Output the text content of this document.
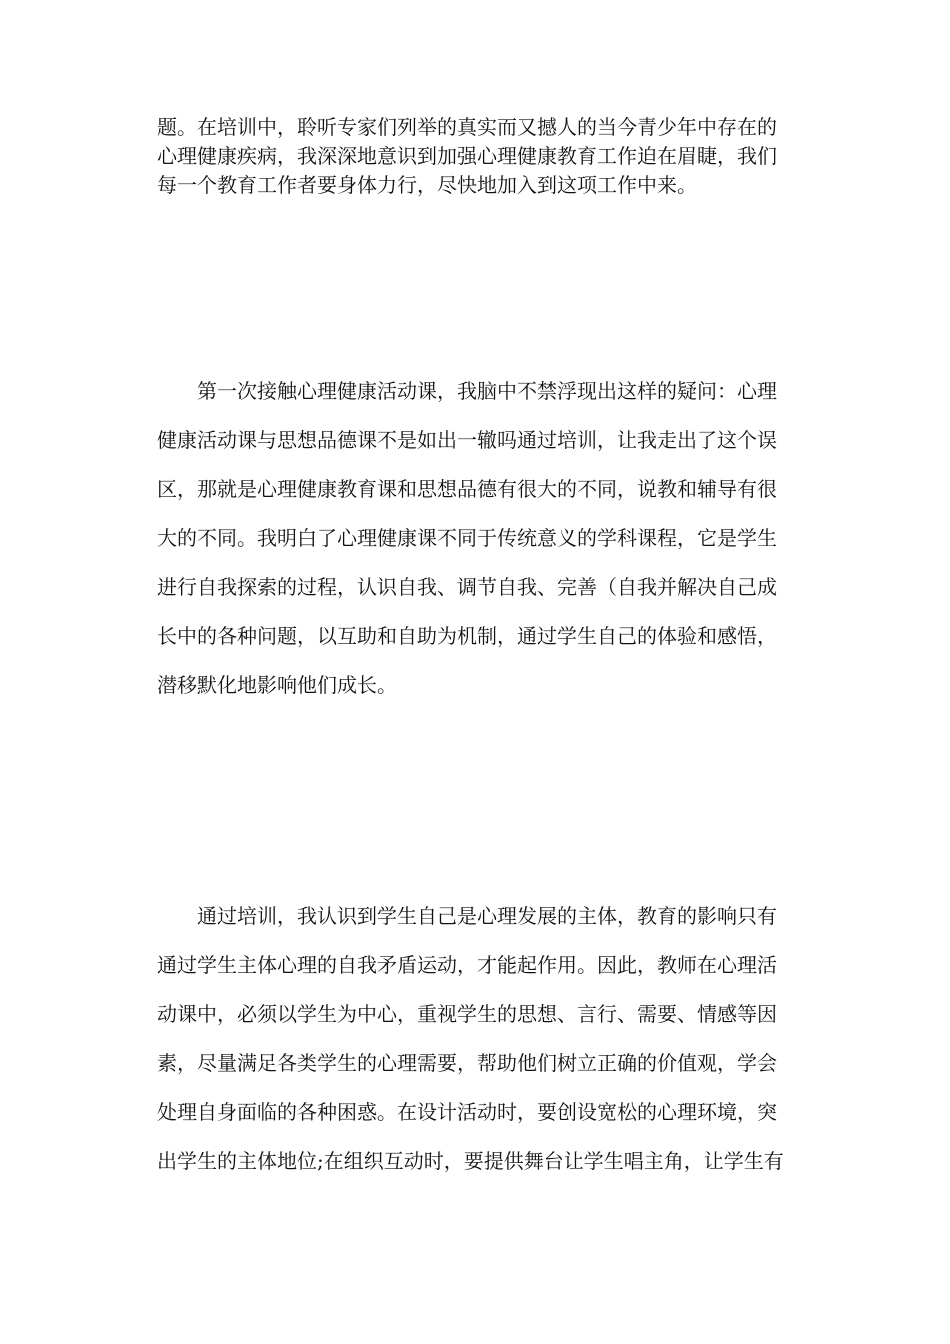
题。在培训中，聆听专家们列举的真实而又撼人的当今青少年中存在的
心理健康疾病，我深深地意识到加强心理健康教育工作迫在眉睫，我们
每一个教育工作者要身体力行，尽快地加入到这项工作中来。
第一次接触心理健康活动课，我脑中不禁浮现出这样的疑问：心理
健康活动课与思想品德课不是如出一辙吗通过培训，让我走出了这个误
区，那就是心理健康教育课和思想品德有很大的不同，说教和辅导有很
大的不同。我明白了心理健康课不同于传统意义的学科课程，它是学生
进行自我探索的过程，认识自我、调节自我、完善（自我并解决自己成
长中的各种问题，以互助和自助为机制，通过学生自己的体验和感悟，
潜移默化地影响他们成长。
通过培训，我认识到学生自己是心理发展的主体，教育的影响只有
通过学生主体心理的自我矛盾运动，才能起作用。因此，教师在心理活
动课中，必须以学生为中心，重视学生的思想、言行、需要、情感等因
素，尽量满足各类学生的心理需要，帮助他们树立正确的价值观，学会
处理自身面临的各种困惑。在设计活动时，要创设宽松的心理环境，突
出学生的主体地位;在组织互动时，要提供舞台让学生唱主角，让学生有
